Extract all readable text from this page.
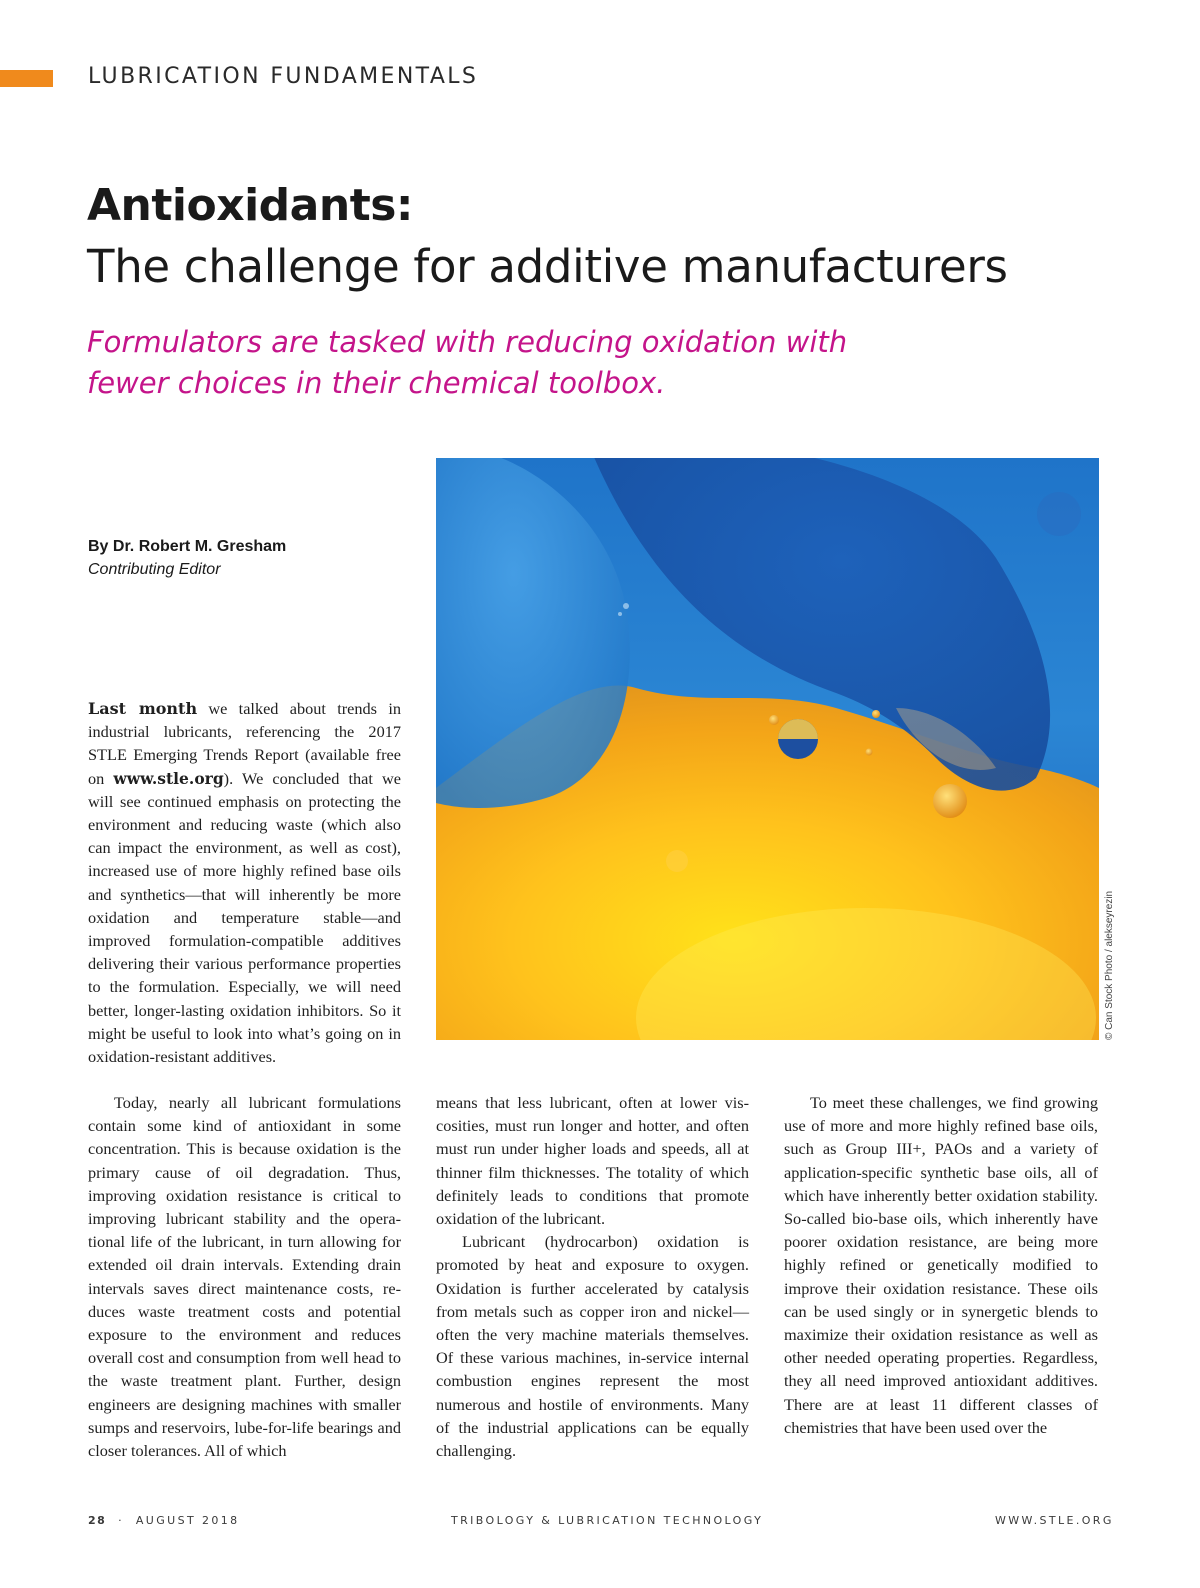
LUBRICATION FUNDAMENTALS
Antioxidants:
The challenge for additive manufacturers
Formulators are tasked with reducing oxidation with fewer choices in their chemical toolbox.
By Dr. Robert M. Gresham
Contributing Editor
© Can Stock Photo / alekseyrezin

Last month we talked about trends in industrial lubricants, referencing the 2017 STLE Emerging Trends Report (available free on www.stle.org). We concluded that we will see continued emphasis on protecting the environment and reducing waste (which also can impact the environment, as well as cost), increased use of more highly refined base oils and synthetics—that will inherently be more oxidation and temperature stable—and improved formulation-compatible additives delivering their various performance properties to the formulation. Especially, we will need better, longer-lasting oxidation inhibitors. So it might be useful to look into what’s going on in oxidation-resistant additives.

Today, nearly all lubricant formulations contain some kind of antioxidant in some concentration. This is because oxidation is the primary cause of oil degradation. Thus, improving oxidation resistance is critical to improving lubricant stability and the operational life of the lubricant, in turn allowing for extended oil drain intervals. Extending drain intervals saves direct maintenance costs, reduces waste treatment costs and potential exposure to the environment and reduces overall cost and consumption from well head to the waste treatment plant. Further, design engineers are designing machines with smaller sumps and reservoirs, lube-for-life bearings and closer tolerances. All of which

means that less lubricant, often at lower viscosities, must run longer and hotter, and often must run under higher loads and speeds, all at thinner film thicknesses. The totality of which definitely leads to conditions that promote oxidation of the lubricant.

Lubricant (hydrocarbon) oxidation is promoted by heat and exposure to oxygen. Oxidation is further accelerated by catalysis from metals such as copper iron and nickel—often the very machine materials themselves. Of these various machines, in-service internal combustion engines represent the most numerous and hostile of environments. Many of the industrial applications can be equally challenging.

To meet these challenges, we find growing use of more and more highly refined base oils, such as Group III+, PAOs and a variety of application-specific synthetic base oils, all of which have inherently better oxidation stability. So-called bio-base oils, which inherently have poorer oxidation resistance, are being more highly refined or genetically modified to improve their oxidation resistance. These oils can be used singly or in synergetic blends to maximize their oxidation resistance as well as other needed operating properties. Regardless, they all need improved antioxidant additives. There are at least 11 different classes of chemistries that have been used over the

28 · AUGUST 2018	TRIBOLOGY & LUBRICATION TECHNOLOGY	WWW.STLE.ORG
